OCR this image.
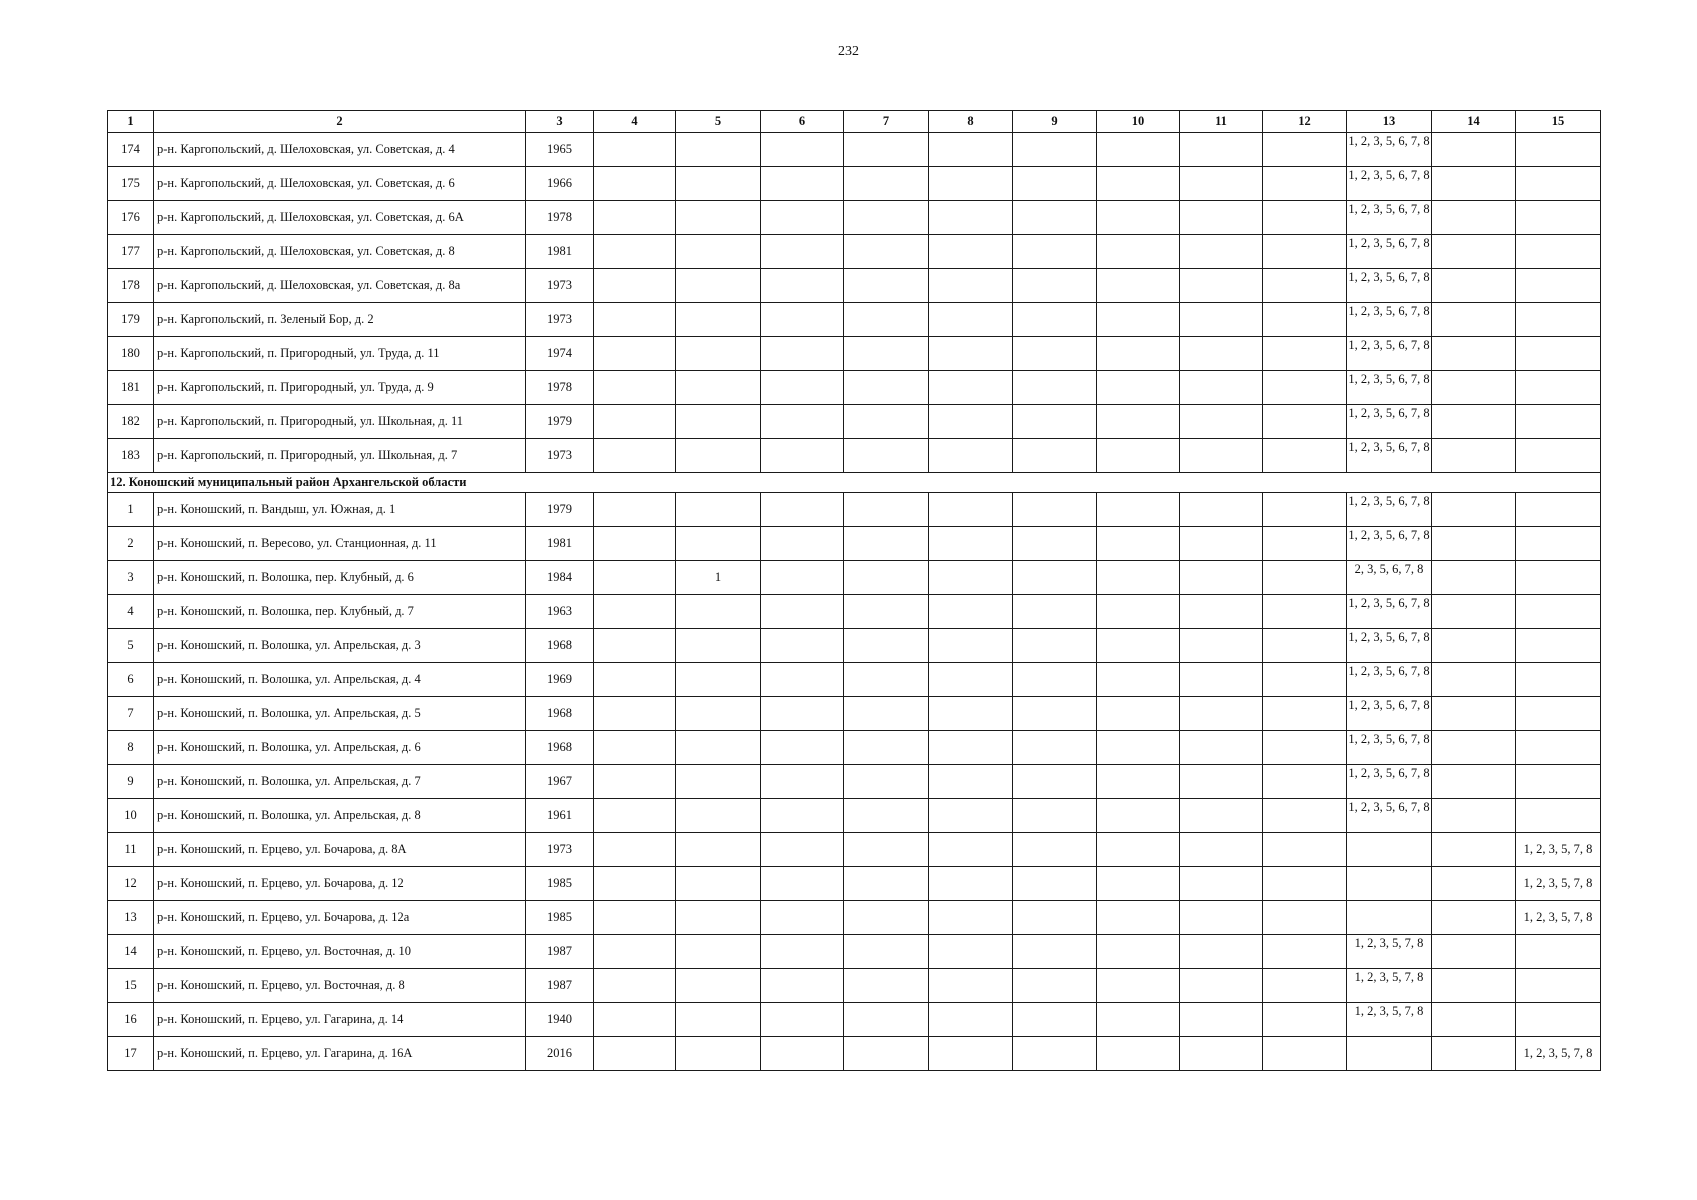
232
1	2	3	4	5	6	7	8	9	10	11	12	13	14	15
174	р-н. Каргопольский, д. Шелоховская, ул. Советская, д. 4	1965										1, 2, 3, 5, 6, 7, 8		
175	р-н. Каргопольский, д. Шелоховская, ул. Советская, д. 6	1966										1, 2, 3, 5, 6, 7, 8		
176	р-н. Каргопольский, д. Шелоховская, ул. Советская, д. 6А	1978										1, 2, 3, 5, 6, 7, 8		
177	р-н. Каргопольский, д. Шелоховская, ул. Советская, д. 8	1981										1, 2, 3, 5, 6, 7, 8		
178	р-н. Каргопольский, д. Шелоховская, ул. Советская, д. 8а	1973										1, 2, 3, 5, 6, 7, 8		
179	р-н. Каргопольский, п. Зеленый Бор, д. 2	1973										1, 2, 3, 5, 6, 7, 8		
180	р-н. Каргопольский, п. Пригородный, ул. Труда, д. 11	1974										1, 2, 3, 5, 6, 7, 8		
181	р-н. Каргопольский, п. Пригородный, ул. Труда, д. 9	1978										1, 2, 3, 5, 6, 7, 8		
182	р-н. Каргопольский, п. Пригородный, ул. Школьная, д. 11	1979										1, 2, 3, 5, 6, 7, 8		
183	р-н. Каргопольский, п. Пригородный, ул. Школьная, д. 7	1973										1, 2, 3, 5, 6, 7, 8		
12. Коношский муниципальный район Архангельской области														
1	р-н. Коношский, п. Вандыш, ул. Южная, д. 1	1979										1, 2, 3, 5, 6, 7, 8		
2	р-н. Коношский, п. Вересово, ул. Станционная, д. 11	1981										1, 2, 3, 5, 6, 7, 8		
3	р-н. Коношский, п. Волошка, пер. Клубный, д. 6	1984		1								2, 3, 5, 6, 7, 8		
4	р-н. Коношский, п. Волошка, пер. Клубный, д. 7	1963										1, 2, 3, 5, 6, 7, 8		
5	р-н. Коношский, п. Волошка, ул. Апрельская, д. 3	1968										1, 2, 3, 5, 6, 7, 8		
6	р-н. Коношский, п. Волошка, ул. Апрельская, д. 4	1969										1, 2, 3, 5, 6, 7, 8		
7	р-н. Коношский, п. Волошка, ул. Апрельская, д. 5	1968										1, 2, 3, 5, 6, 7, 8		
8	р-н. Коношский, п. Волошка, ул. Апрельская, д. 6	1968										1, 2, 3, 5, 6, 7, 8		
9	р-н. Коношский, п. Волошка, ул. Апрельская, д. 7	1967										1, 2, 3, 5, 6, 7, 8		
10	р-н. Коношский, п. Волошка, ул. Апрельская, д. 8	1961										1, 2, 3, 5, 6, 7, 8		
11	р-н. Коношский, п. Ерцево, ул. Бочарова, д. 8А	1973												1, 2, 3, 5, 7, 8
12	р-н. Коношский, п. Ерцево, ул. Бочарова, д. 12	1985												1, 2, 3, 5, 7, 8
13	р-н. Коношский, п. Ерцево, ул. Бочарова, д. 12а	1985												1, 2, 3, 5, 7, 8
14	р-н. Коношский, п. Ерцево, ул. Восточная, д. 10	1987										1, 2, 3, 5, 7, 8		
15	р-н. Коношский, п. Ерцево, ул. Восточная, д. 8	1987										1, 2, 3, 5, 7, 8		
16	р-н. Коношский, п. Ерцево, ул. Гагарина, д. 14	1940										1, 2, 3, 5, 7, 8		
17	р-н. Коношский, п. Ерцево, ул. Гагарина, д. 16А	2016												1, 2, 3, 5, 7, 8
